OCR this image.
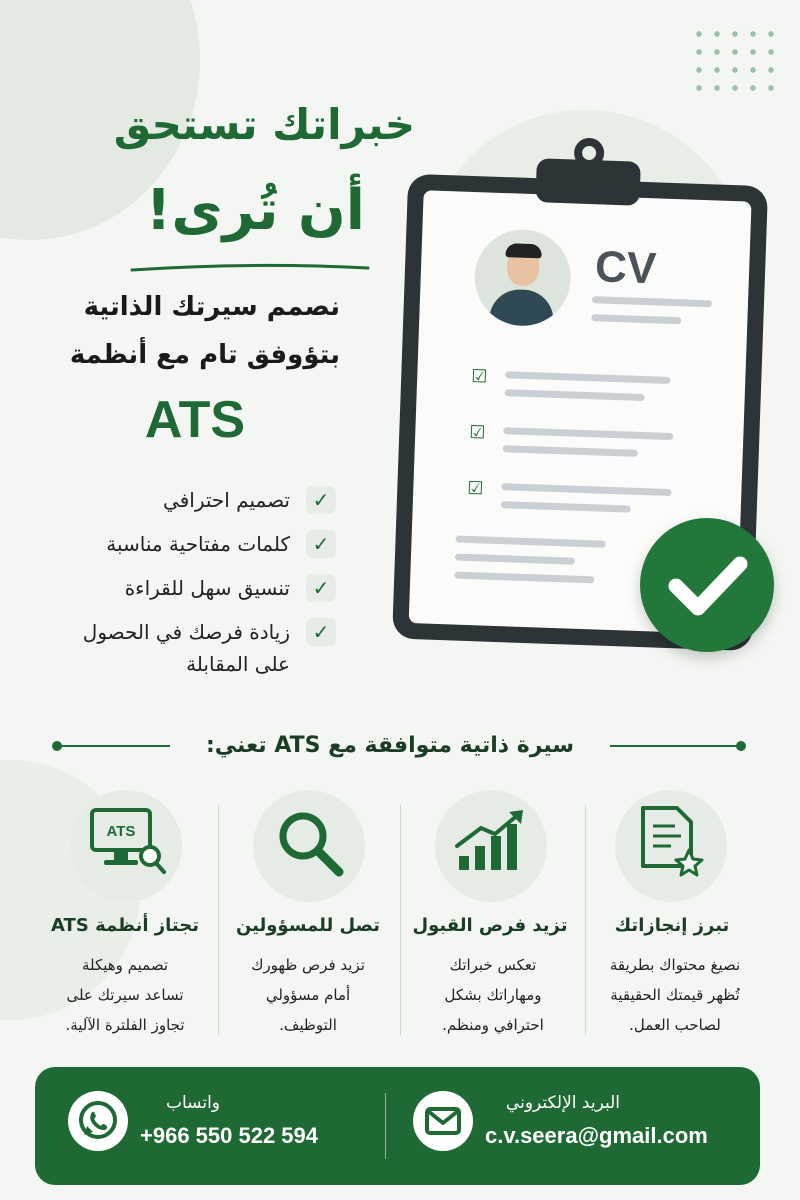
خبراتك تستحق
أن تُرى!
نصمم سيرتك الذاتية
بتؤوفق تام مع أنظمة
ATS
✓
تصميم احترافي
✓
كلمات مفتاحية مناسبة
✓
تنسيق سهل للقراءة
✓
زيادة فرصك في الحصول
على المقابلة
CV
☑
☑
☑
سيرة ذاتية متوافقة مع ATS تعني:
ATS
تجتاز أنظمة ATS
تصميم وهيكلة
تساعد سيرتك على
تجاوز الفلترة الآلية.
تصل للمسؤولين
تزيد فرص ظهورك
أمام مسؤولي
التوظيف.
تزيد فرص القبول
تعكس خبراتك
ومهاراتك بشكل
احترافي ومنظم.
تبرز إنجازاتك
نصيغ محتواك بطريقة
تُظهر قيمتك الحقيقية
لصاحب العمل.
واتساب
+966 550 522 594
البريد الإلكتروني
c.v.seera@gmail.com
